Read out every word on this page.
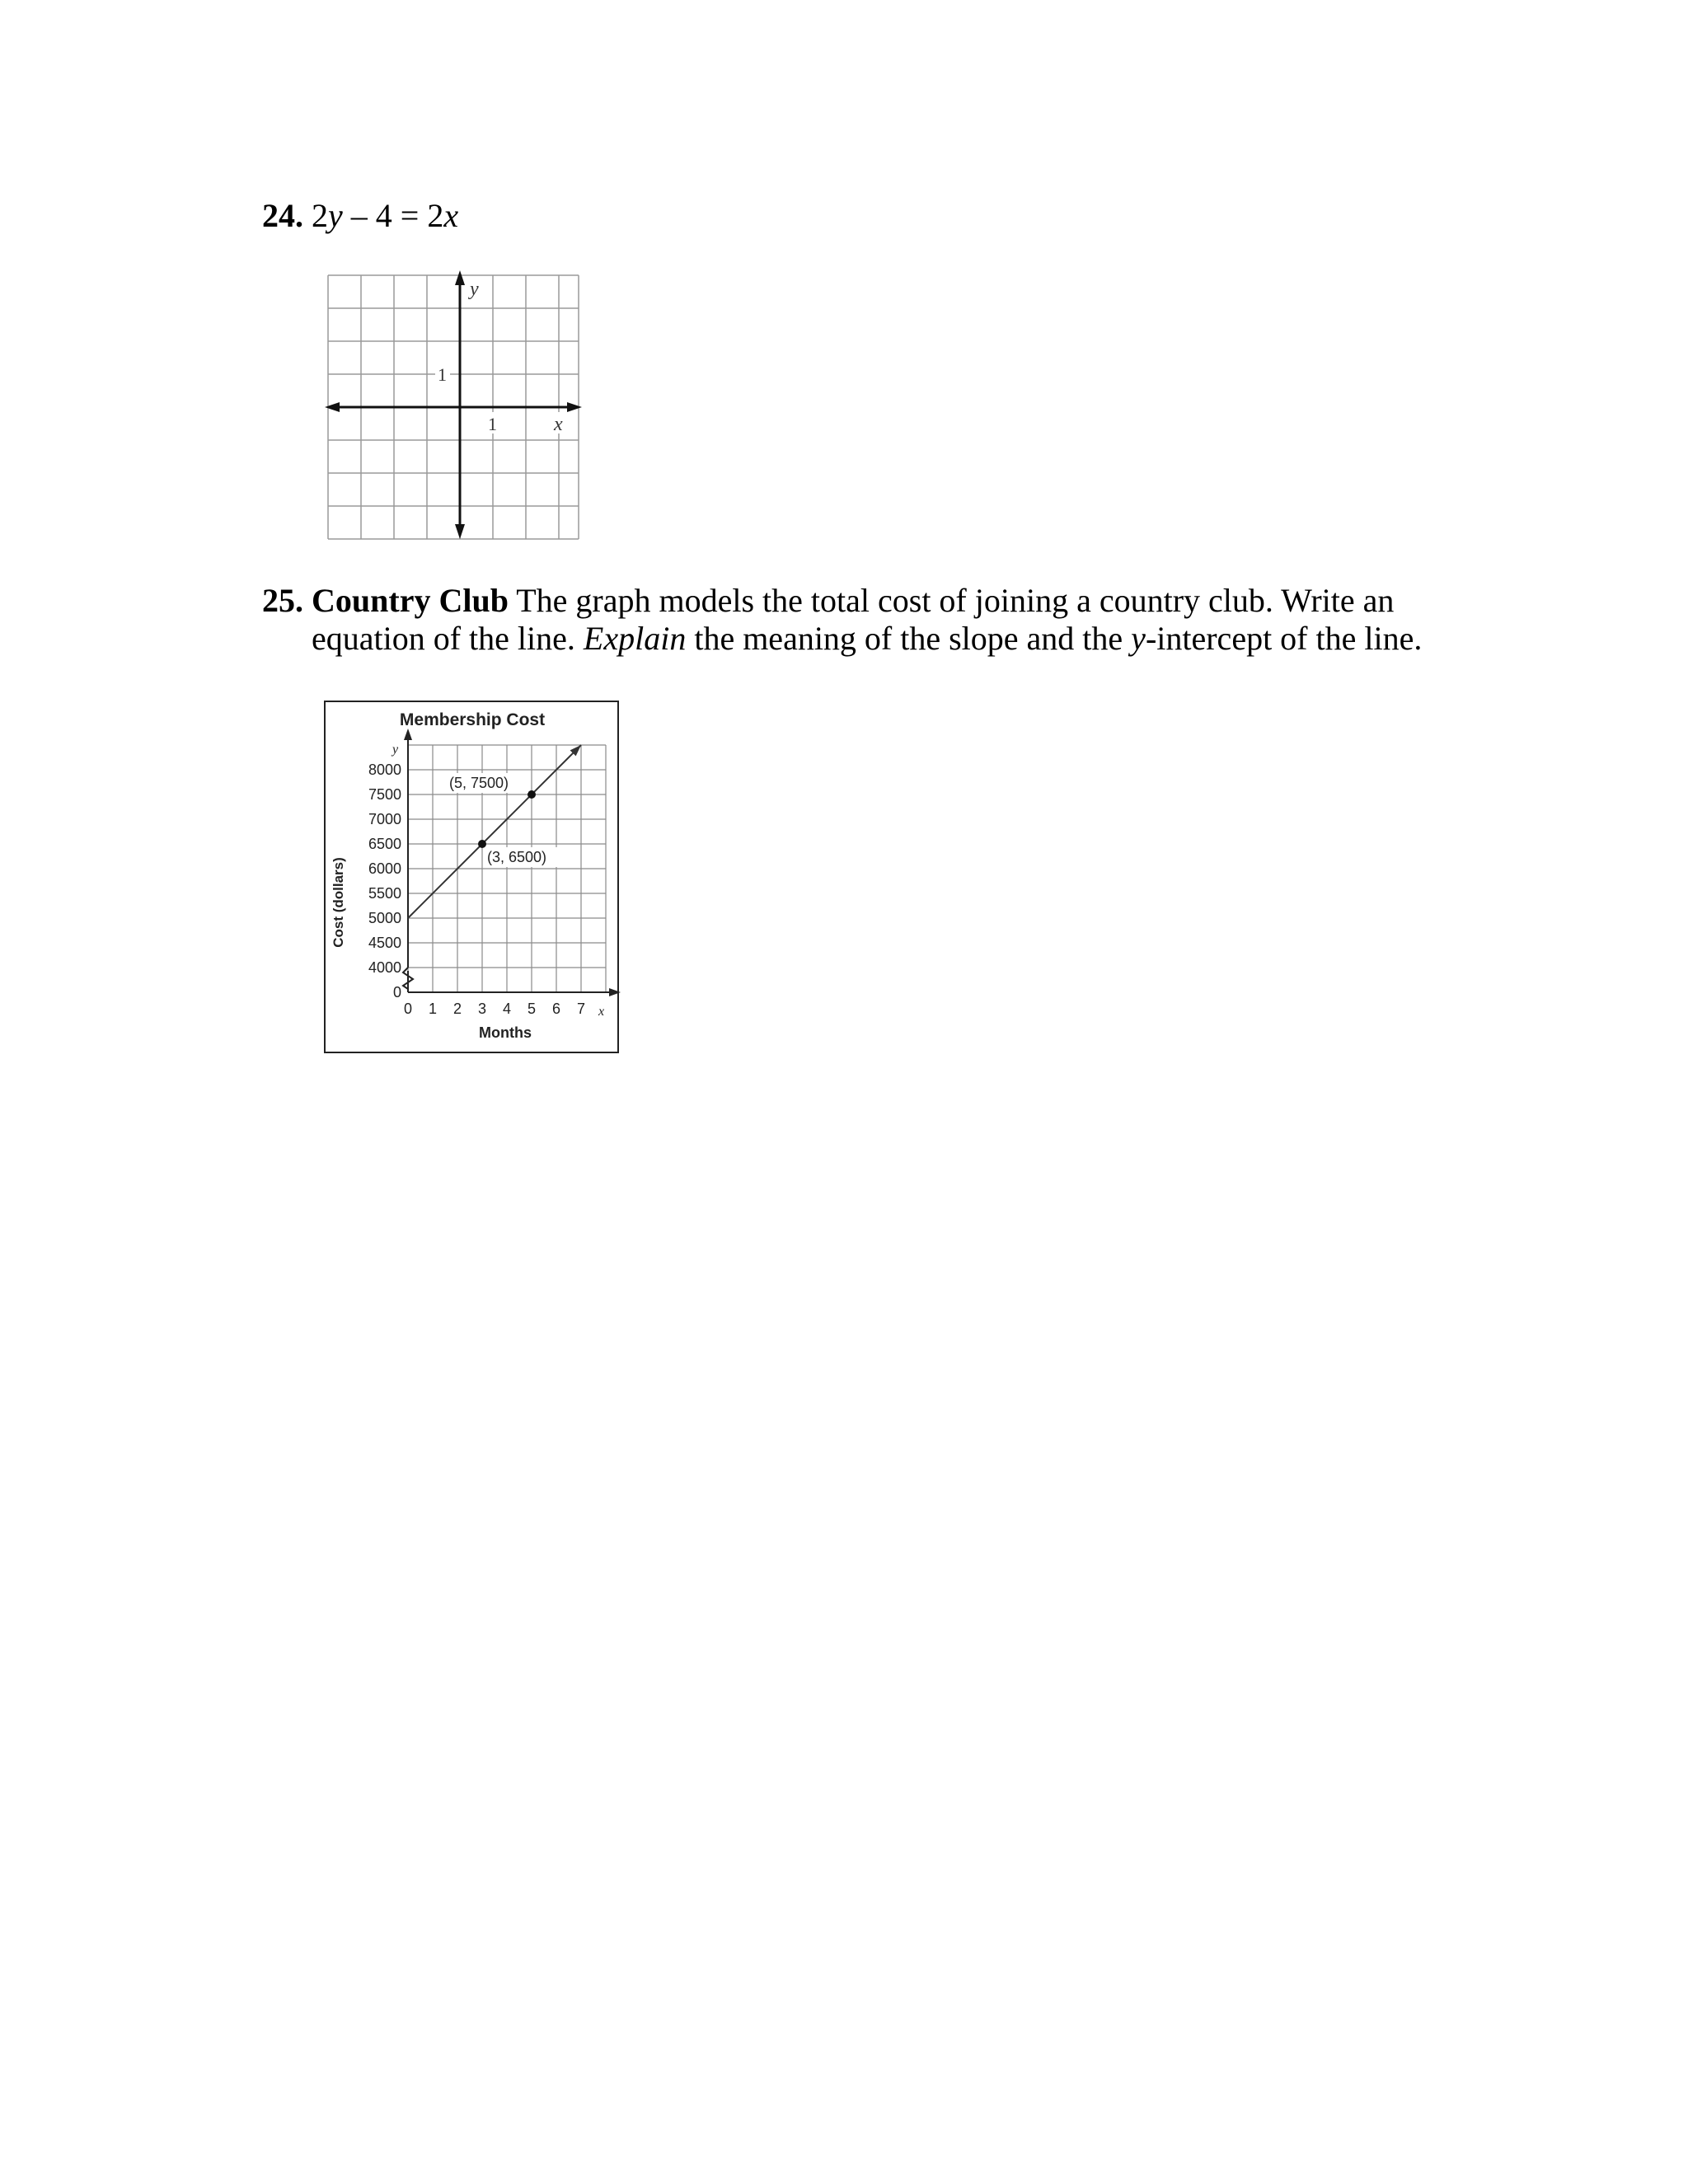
24. 2y – 4 = 2x
y
x
1
1
25. Country Club The graph models the total cost of joining a country club. Write an
equation of the line. Explain the meaning of the slope and the y-intercept of the line.
0 1 2 3 4 5 6 7
0
4000
4500
5000
5500
6000
6500
7000
7500
8000
(5, 7500)
(3, 6500)
Membership Cost
Months
Cost (dollars)
y
x
